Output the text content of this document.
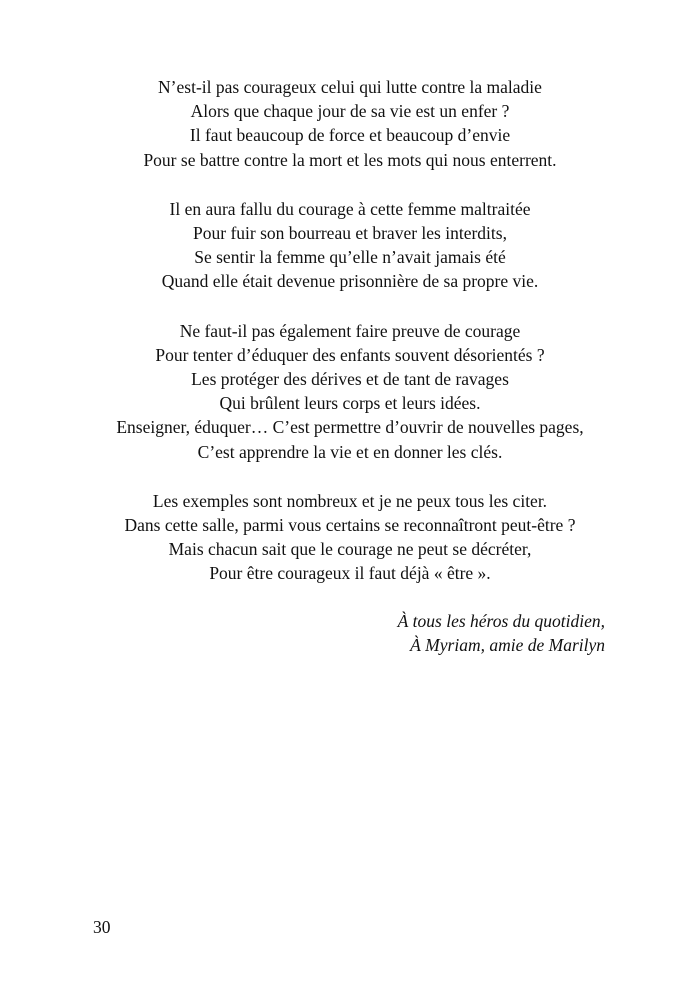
N’est-il pas courageux celui qui lutte contre la maladie
Alors que chaque jour de sa vie est un enfer ?
Il faut beaucoup de force et beaucoup d’envie
Pour se battre contre la mort et les mots qui nous enterrent.
Il en aura fallu du courage à cette femme maltraitée
Pour fuir son bourreau et braver les interdits,
Se sentir la femme qu’elle n’avait jamais été
Quand elle était devenue prisonnière de sa propre vie.
Ne faut-il pas également faire preuve de courage
Pour tenter d’éduquer des enfants souvent désorientés ?
Les protéger des dérives et de tant de ravages
Qui brûlent leurs corps et leurs idées.
Enseigner, éduquer… C’est permettre d’ouvrir de nouvelles pages,
C’est apprendre la vie et en donner les clés.
Les exemples sont nombreux et je ne peux tous les citer.
Dans cette salle, parmi vous certains se reconnaîtront peut-être ?
Mais chacun sait que le courage ne peut se décréter,
Pour être courageux il faut déjà « être ».
À tous les héros du quotidien,
À Myriam, amie de Marilyn
30
